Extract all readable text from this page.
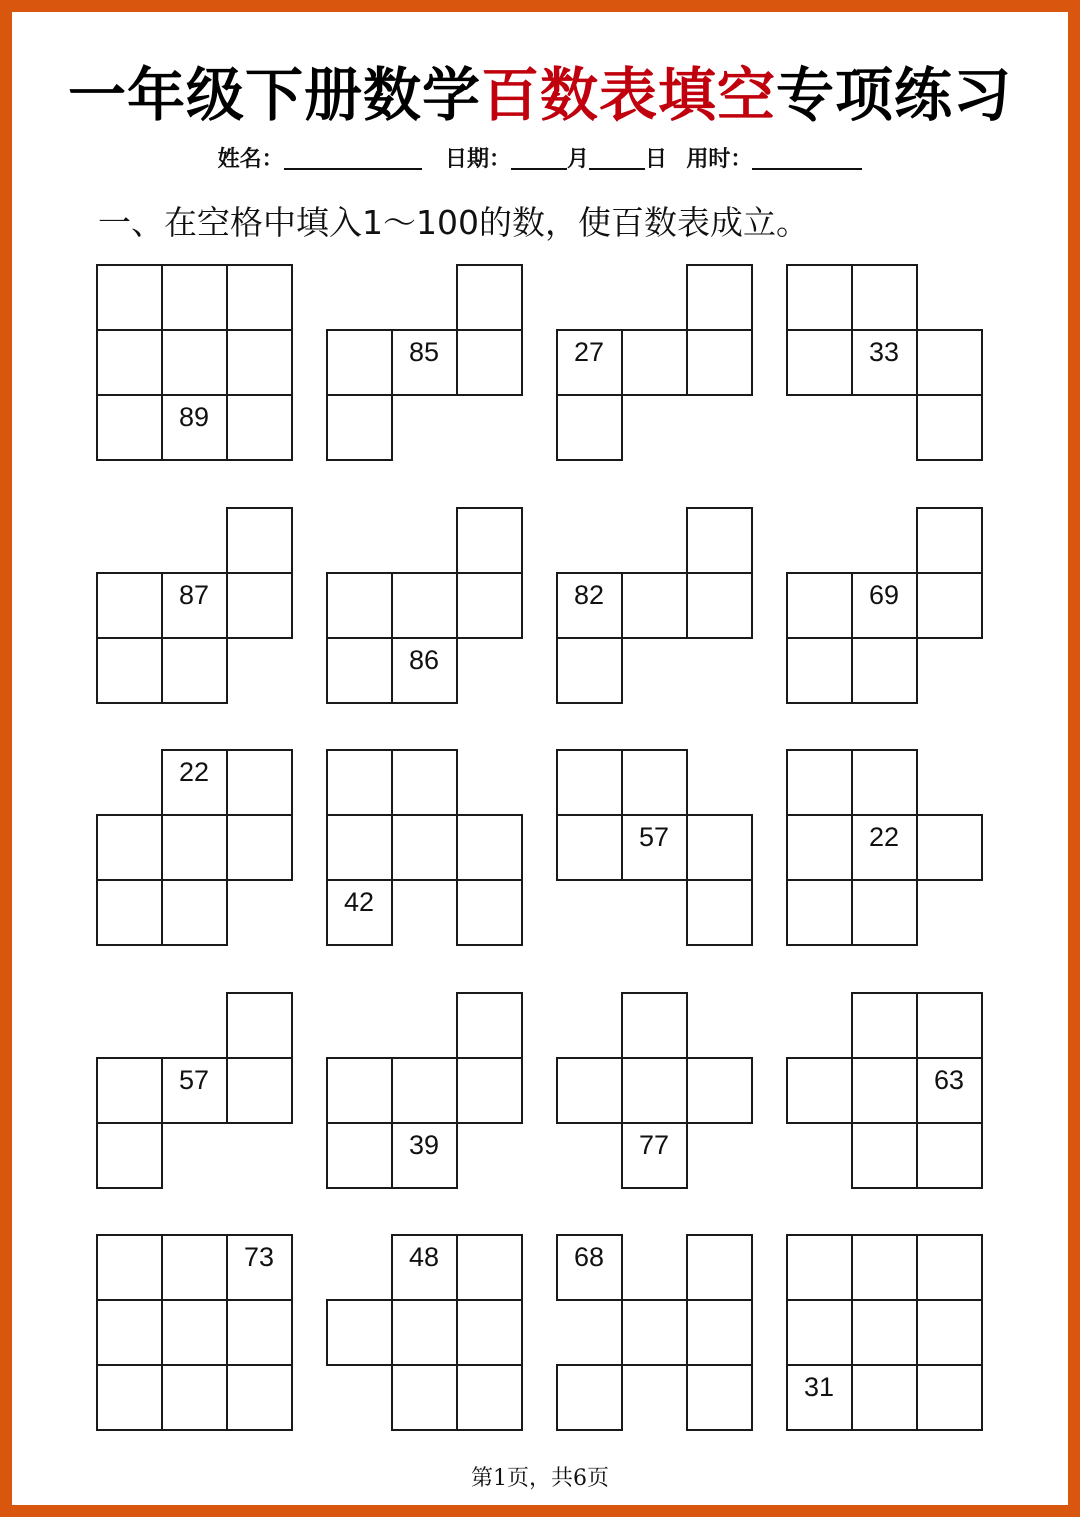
一年级下册数学百数表填空专项练习
姓名：	日期：	月	日 用时：
一、在空格中填入1～100的数，使百数表成立。
89
85	27	33
87
86
82	69
22
42
57	22
57
39	77
63
73	48	68
31
第1页，共6页
